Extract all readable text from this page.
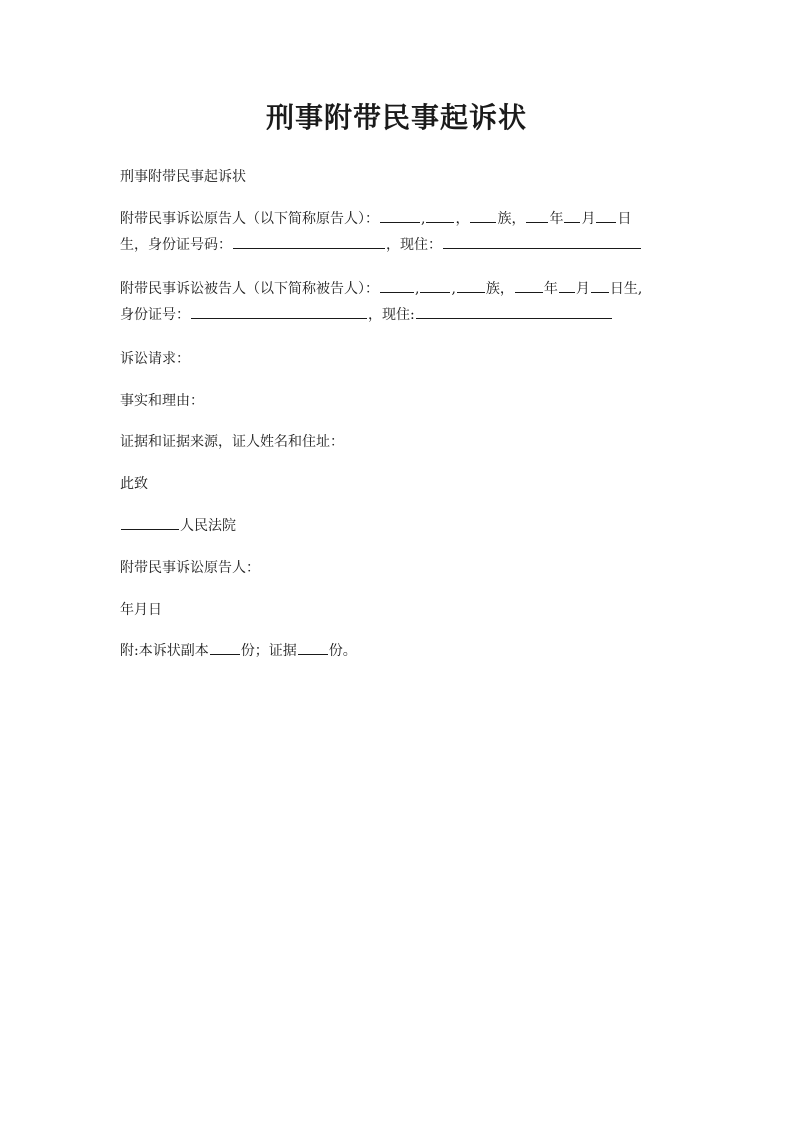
刑事附带民事起诉状

刑事附带民事起诉状

附带民事诉讼原告人（以下简称原告人）：	, ， 族， 年 月 日
生，身份证号码：	，现住：
附带民事诉讼被告人（以下简称被告人）：	, , 族， 年 月 日生,
身份证号：	，现住:

诉讼请求：

事实和理由：

证据和证据来源，证人姓名和住址：

此致

人民法院

附带民事诉讼原告人：

年月日

附:本诉状副本 份；证据 份。
